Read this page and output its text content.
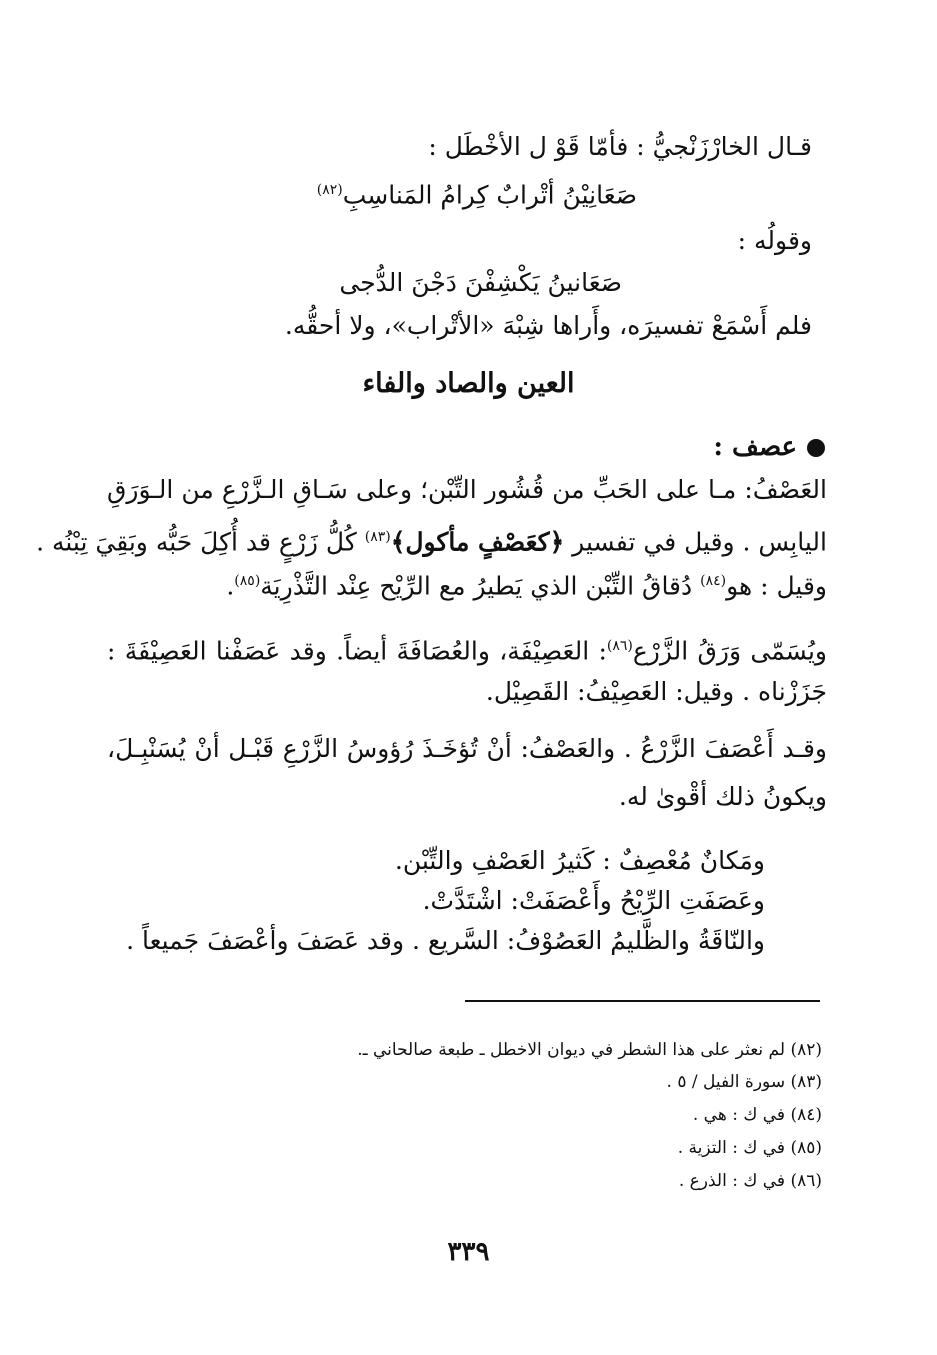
قـال الخارْزَنْجيُّ : فأمّا قَوْ ل الأخْطَل :
صَعَانِيْنُ أتْرابٌ كِرامُ المَناسِبِ$^{(٨٢)}$
وقولُه :
صَعَانينُ يَكْشِفْنَ دَجْنَ الدُّجى
فلم أَسْمَعْ تفسيرَه، وأَراها شِبْهَ «الأتْراب»، ولا أحقُّه.
العين والصاد والفاء
عصف :
العَصْفُ: مـا على الحَبِّ من قُشُور التِّبْن؛ وعلى سَـاقِ الـزَّرْعِ من الـوَرَقِ
اليابِس . وقيل في تفسير ﴿كعَصْفٍ مأكول﴾$^{(٨٣)}$ كُلُّ زَرْعٍ قد أُكِلَ حَبُّه وبَقِيَ تِبْنُه .
وقيل : هو$^{(٨٤)}$ دُقاقُ التِّبْن الذي يَطيرُ مع الرِّيْح عِنْد التَّذْرِيَة$^{(٨٥)}$.
ويُسَمّى وَرَقُ الزَّرْع$^{(٨٦)}$: العَصِيْفَة، والعُصَافَةَ أيضاً. وقد عَصَفْنا العَصِيْفَةَ :
جَزَزْناه . وقيل: العَصِيْفُ: القَصِيْل.
وقـد أَعْصَفَ الزَّرْعُ . والعَصْفُ: أنْ تُؤخَـذَ رُؤوسُ الزَّرْعِ قَبْـل أنْ يُسَنْبِـلَ،
ويكونُ ذلك أقْوىٰ له.
ومَكانٌ مُعْصِفٌ : كَثيرُ العَصْفِ والتِّبْن.
وعَصَفَتِ الرِّيْحُ وأَعْصَفَتْ: اشْتَدَّتْ.
والنّاقَةُ والظَّليمُ العَصُوْفُ: السَّريع . وقد عَصَفَ وأعْصَفَ جَميعاً .
(٨٢) لم نعثر على هذا الشطر في ديوان الاخطل ـ طبعة صالحاني ـ.
(٨٣) سورة الفيل / ٥ .
(٨٤) في ك : هي .
(٨٥) في ك : التزية .
(٨٦) في ك : الذرع .
٣٣٩
